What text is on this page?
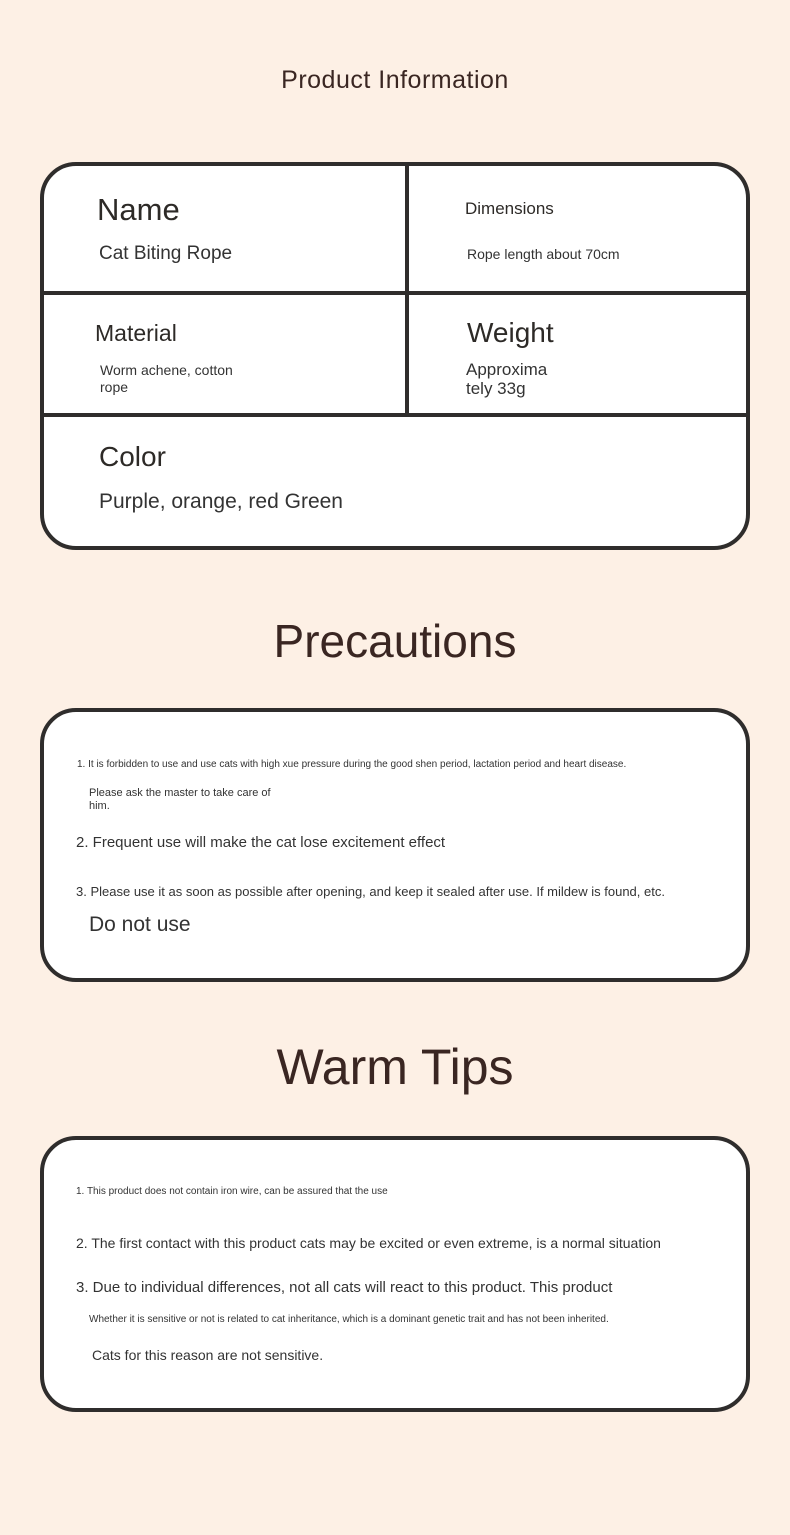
Product Information

Name

Cat Biting Rope

Dimensions

Rope length about 70cm

Material

Worm achene, cotton rope

Weight

Approximately 33g

Color

Purple, orange, red Green

Precautions

1. It is forbidden to use and use cats with high xue pressure during the good shen period, lactation period and heart disease.

Please ask the master to take care of him.

2. Frequent use will make the cat lose excitement effect

3. Please use it as soon as possible after opening, and keep it sealed after use. If mildew is found, etc.

Do not use

Warm Tips

1. This product does not contain iron wire, can be assured that the use

2. The first contact with this product cats may be excited or even extreme, is a normal situation

3. Due to individual differences, not all cats will react to this product. This product

Whether it is sensitive or not is related to cat inheritance, which is a dominant genetic trait and has not been inherited.

Cats for this reason are not sensitive.
